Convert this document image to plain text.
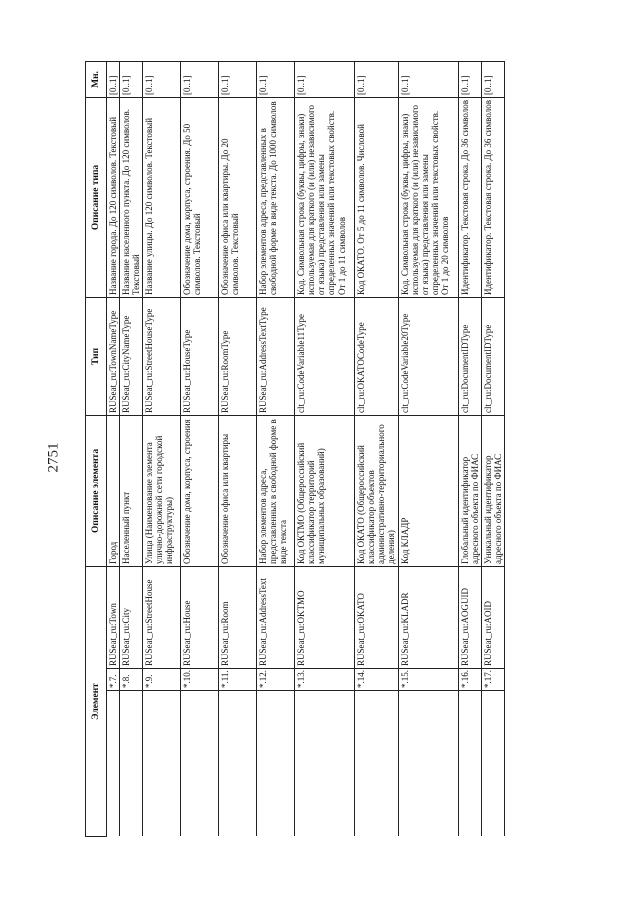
2751
Элемент			Описание элемента	Тип	Описание типа	Мн.
	*.7.	RUSeat_ru:Town	Город	RUSeat_ru:TownNameType	Название города. До 120 символов. Текстовый	[0..1]
	*.8.	RUSeat_ru:City	Населенный пункт	RUSeat_ru:CityNameType	Название населенного пункта. До 120 символов. Текстовый	[0..1]
	*.9.	RUSeat_ru:StreetHouse	Улица (Наименование элемента улично-дорожной сети городской инфраструктуры)	RUSeat_ru:StreetHouseType	Название улицы. До 120 символов. Текстовый	[0..1]
	*.10.	RUSeat_ru:House	Обозначение дома, корпуса, строения	RUSeat_ru:HouseType	Обозначение дома, корпуса, строения. До 50 символов. Текстовый	[0..1]
	*.11.	RUSeat_ru:Room	Обозначение офиса или квартиры	RUSeat_ru:RoomType	Обозначение офиса или квартиры. До 20 символов. Текстовый	[0..1]
	*.12.	RUSeat_ru:AddressText	Набор элементов адреса, представленных в свободной форме в виде текста	RUSeat_ru:AddressTextType	Набор элементов адреса, представленных в свободной форме в виде текста. До 1000 символов	[0..1]
	*.13.	RUSeat_ru:OKTMO	Код ОКТМО (Общероссийский классификатор территорий муниципальных образований)	clt_ru:CodeVariable11Type	Код. Символьная строка (буквы, цифры, знаки) используемая для краткого (и (или) независимого от языка) представления или замены определенных значений или текстовых свойств. От 1 до 11 символов	[0..1]
	*.14.	RUSeat_ru:OKATO	Код ОКАТО (Общероссийский классификатор объектов административно-территориального деления)	clt_ru:OKATOCodeType	Код ОКАТО. От 5 до 11 символов. Числовой	[0..1]
	*.15.	RUSeat_ru:KLADR	Код КЛАДР	clt_ru:CodeVariable20Type	Код. Символьная строка (буквы, цифры, знаки) используемая для краткого (и (или) независимого от языка) представления или замены определенных значений или текстовых свойств. От 1 до 20 символов	[0..1]
	*.16.	RUSeat_ru:AOGUID	Глобальный идентификатор адресного объекта по ФИАС	clt_ru:DocumentIDType	Идентификатор. Текстовая строка. До 36 символов	[0..1]
	*.17.	RUSeat_ru:AOID	Уникальный идентификатор адресного объекта по ФИАС	clt_ru:DocumentIDType	Идентификатор. Текстовая строка. До 36 символов	[0..1]
